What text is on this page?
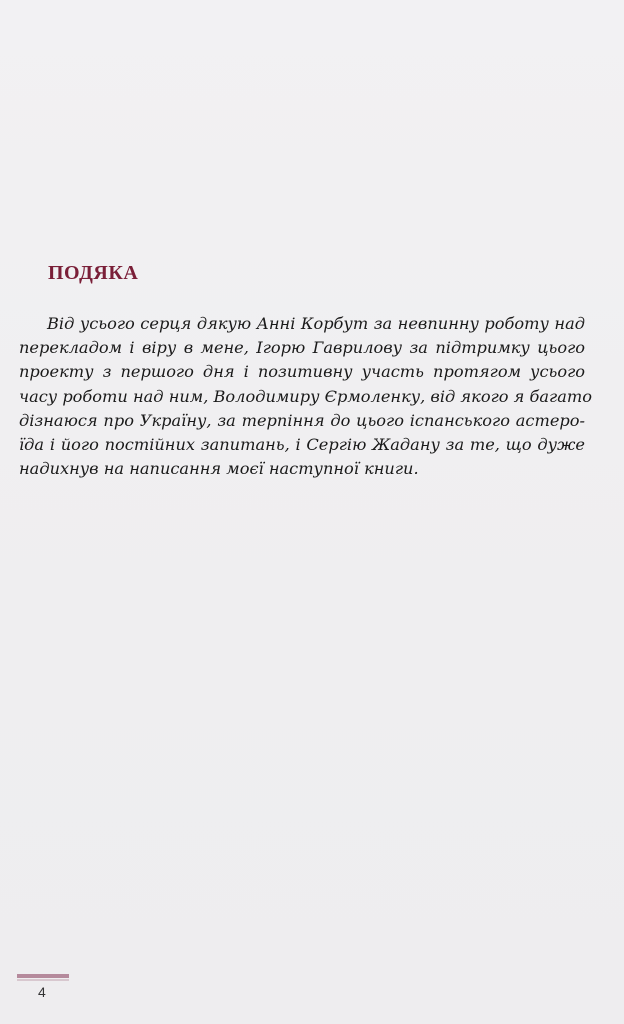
ПОДЯКА

Від усього серця дякую Анні Корбут за невпинну роботу над
перекладом і віру в мене, Ігорю Гаврилову за підтримку цього
проекту з першого дня і позитивну участь протягом усього
часу роботи над ним, Володимиру Єрмоленку, від якого я багато
дізнаюся про Україну, за терпіння до цього іспанського астеро-
їда і його постійних запитань, і Сергію Жадану за те, що дуже
надихнув на написання моєї наступної книги.

4
